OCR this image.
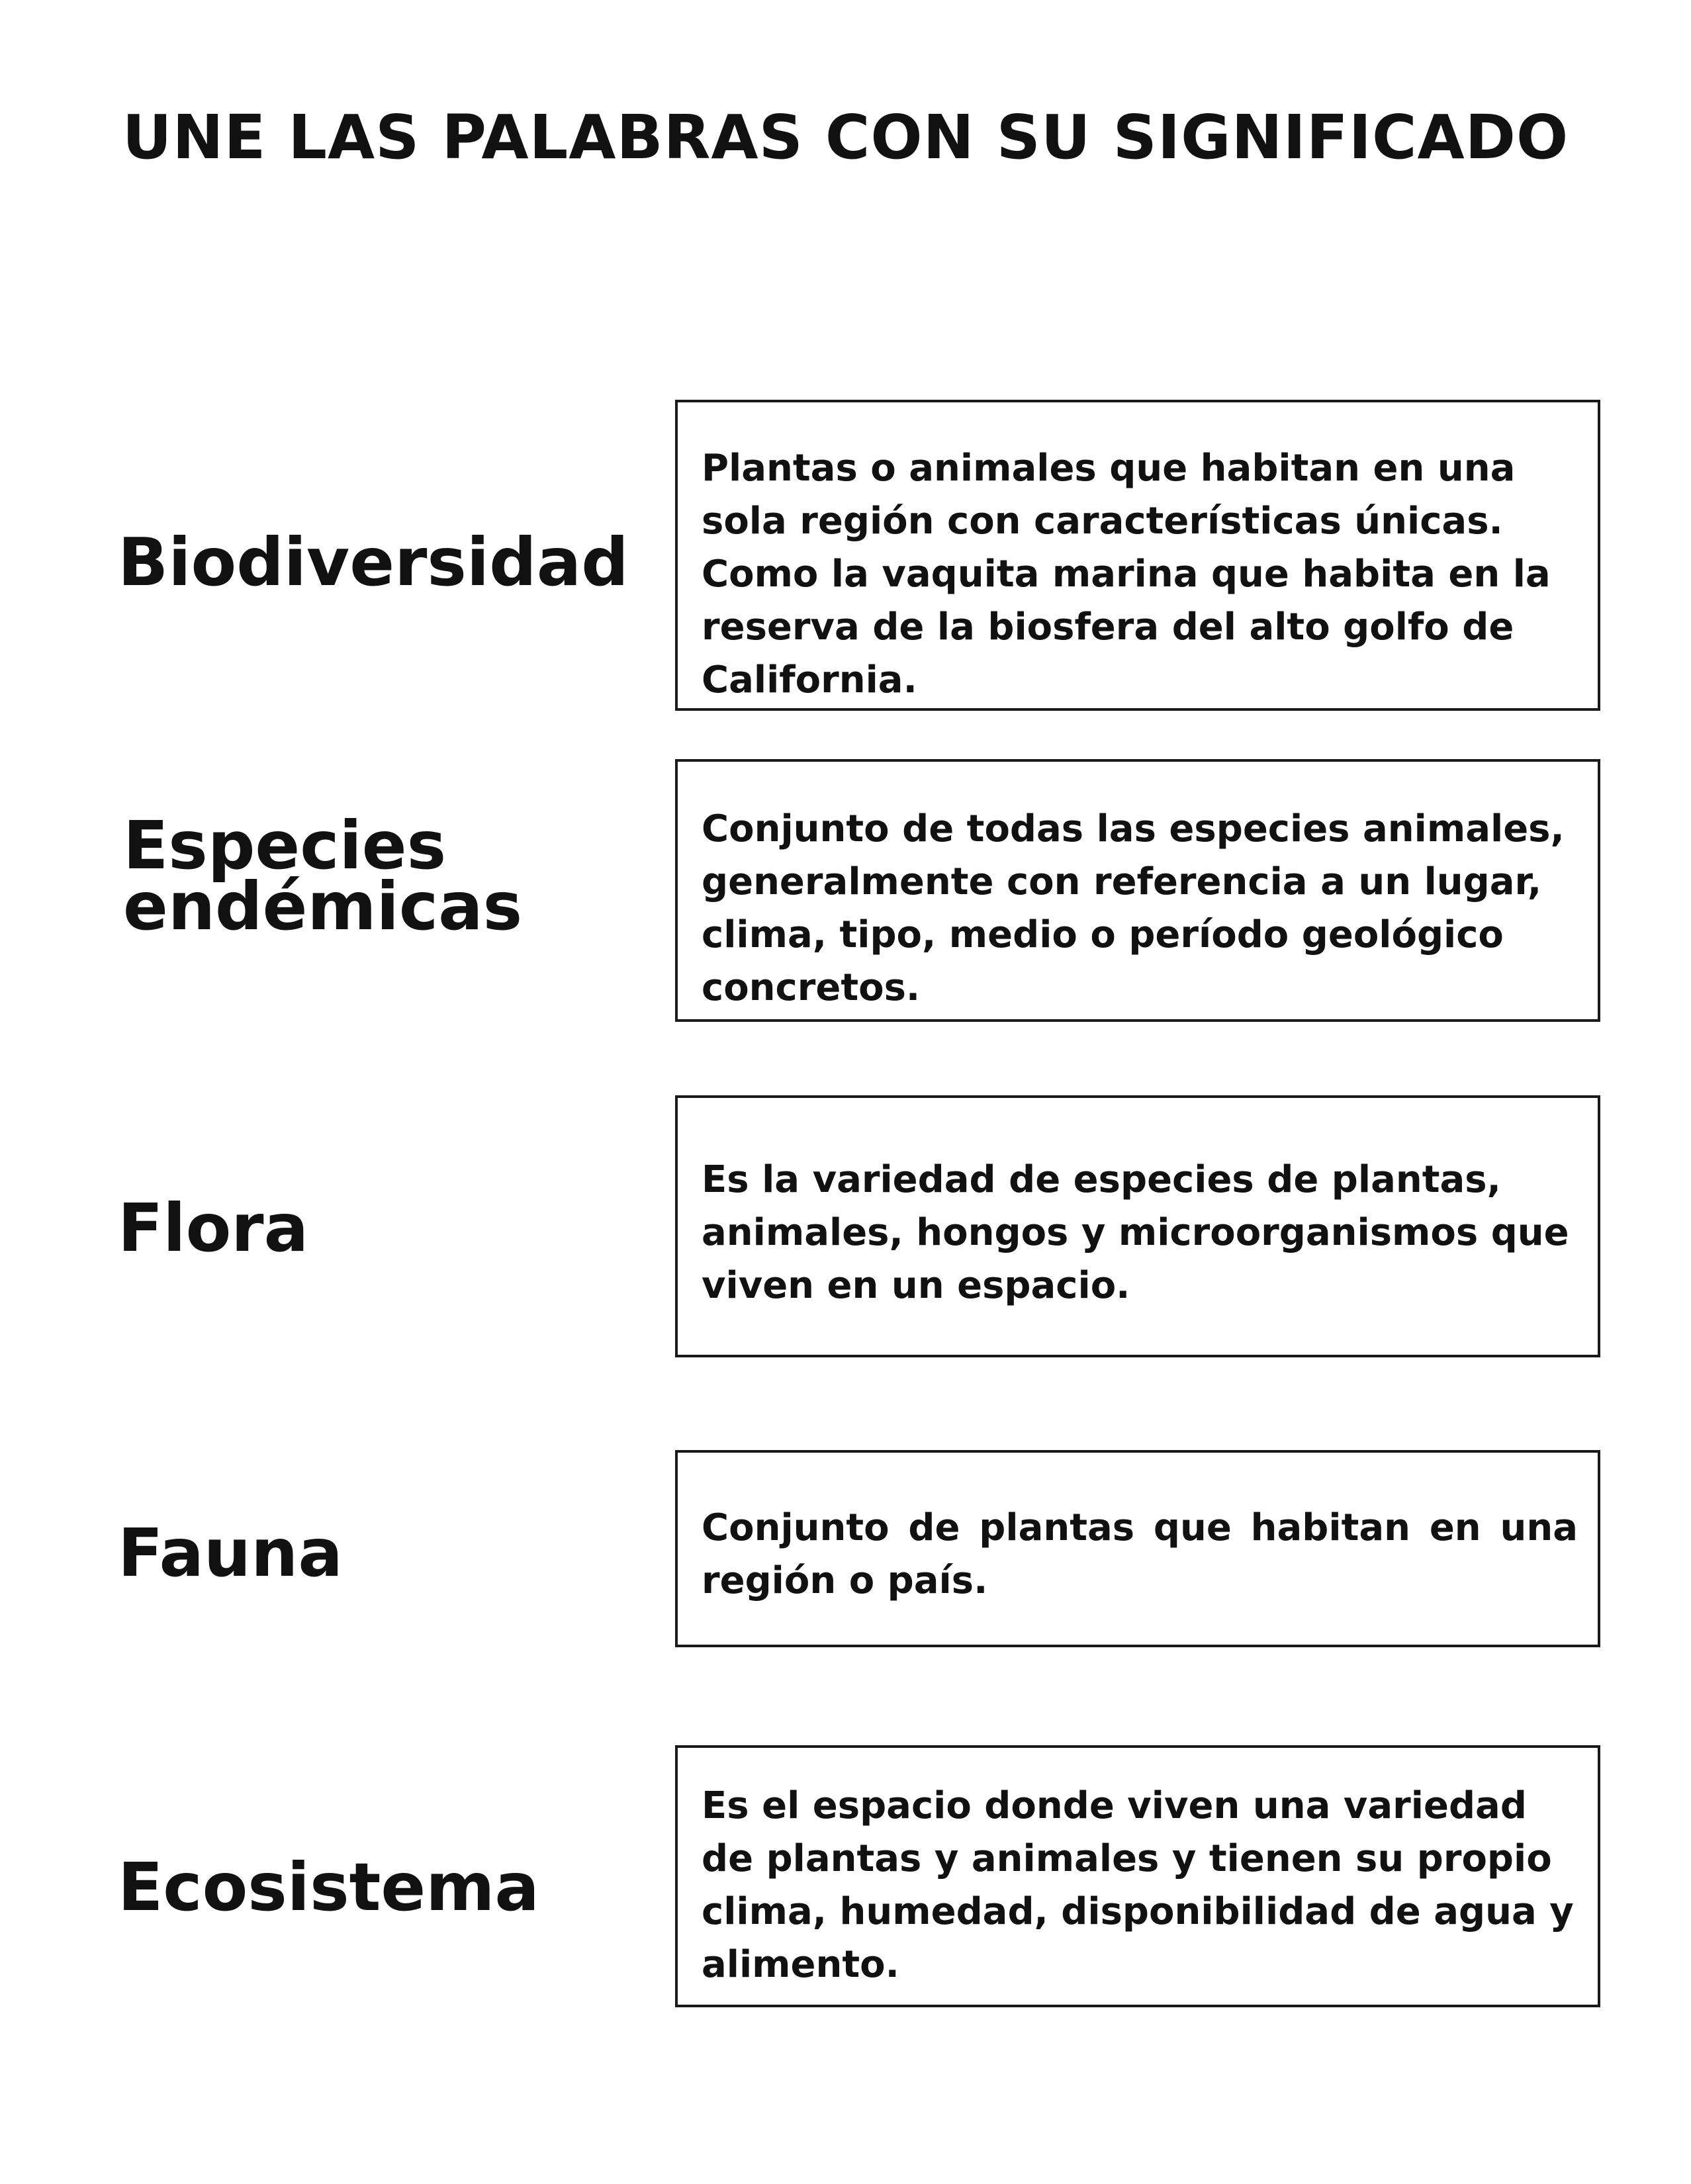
UNE LAS PALABRAS CON SU SIGNIFICADO
Biodiversidad
Especies endémicas
Flora
Fauna
Ecosistema
Plantas o animales que habitan en una sola región con características únicas. Como la vaquita marina que habita en la reserva de la biosfera del alto golfo de California.
Conjunto de todas las especies animales, generalmente con referencia a un lugar, clima, tipo, medio o período geológico concretos.
Es la variedad de especies de plantas, animales, hongos y microorganismos que viven en un espacio.
Conjunto de plantas que habitan en una región o país.
Es el espacio donde viven una variedad de plantas y animales y tienen su propio clima, humedad, disponibilidad de agua y alimento.
